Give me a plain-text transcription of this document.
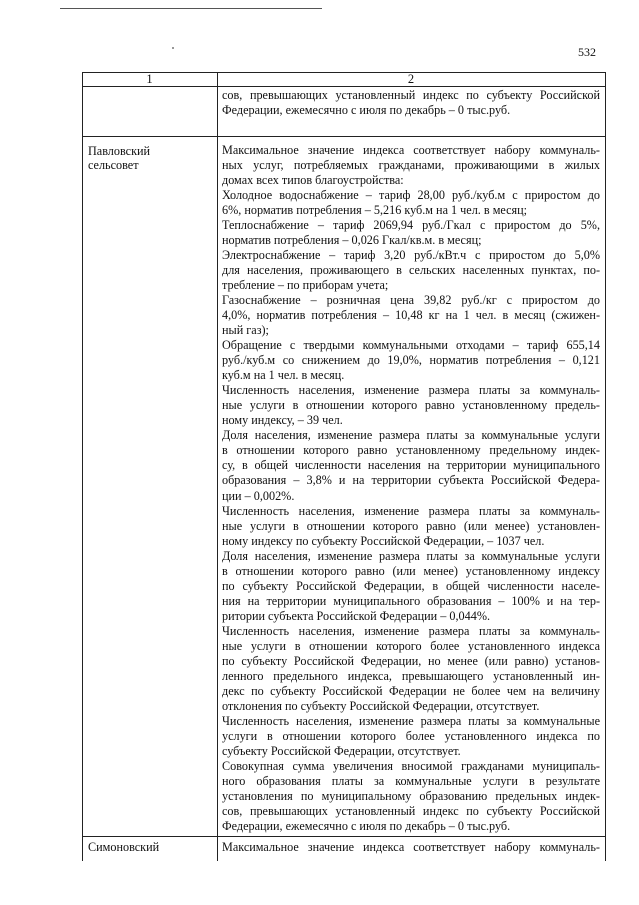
532
1	2
сов, превышающих установленный индекс по субъекту Российской
Федерации, ежемесячно с июля по декабрь – 0 тыс.руб.
Павловский
сельсовет
Максимальное значение индекса соответствует набору коммуналь-
ных услуг, потребляемых гражданами, проживающими в жилых
домах всех типов благоустройства:
Холодное водоснабжение – тариф 28,00 руб./куб.м с приростом до
6%, норматив потребления – 5,216 куб.м на 1 чел. в месяц;
Теплоснабжение – тариф 2069,94 руб./Гкал с приростом до 5%,
норматив потребления – 0,026 Гкал/кв.м. в месяц;
Электроснабжение – тариф 3,20 руб./кВт.ч с приростом до 5,0%
для населения, проживающего в сельских населенных пунктах, по-
требление – по приборам учета;
Газоснабжение – розничная цена 39,82 руб./кг с приростом до
4,0%, норматив потребления – 10,48 кг на 1 чел. в месяц (сжижен-
ный газ);
Обращение с твердыми коммунальными отходами – тариф 655,14
руб./куб.м со снижением до 19,0%, норматив потребления – 0,121
куб.м на 1 чел. в месяц.
Численность населения, изменение размера платы за коммуналь-
ные услуги в отношении которого равно установленному предель-
ному индексу, – 39 чел.
Доля населения, изменение размера платы за коммунальные услуги
в отношении которого равно установленному предельному индек-
су, в общей численности населения на территории муниципального
образования – 3,8% и на территории субъекта Российской Федера-
ции – 0,002%.
Численность населения, изменение размера платы за коммуналь-
ные услуги в отношении которого равно (или менее) установлен-
ному индексу по субъекту Российской Федерации, – 1037 чел.
Доля населения, изменение размера платы за коммунальные услуги
в отношении которого равно (или менее) установленному индексу
по субъекту Российской Федерации, в общей численности населе-
ния на территории муниципального образования – 100% и на тер-
ритории субъекта Российской Федерации – 0,044%.
Численность населения, изменение размера платы за коммуналь-
ные услуги в отношении которого более установленного индекса
по субъекту Российской Федерации, но менее (или равно) установ-
ленного предельного индекса, превышающего установленный ин-
декс по субъекту Российской Федерации не более чем на величину
отклонения по субъекту Российской Федерации, отсутствует.
Численность населения, изменение размера платы за коммунальные
услуги в отношении которого более установленного индекса по
субъекту Российской Федерации, отсутствует.
Совокупная сумма увеличения вносимой гражданами муниципаль-
ного образования платы за коммунальные услуги в результате
установления по муниципальному образованию предельных индек-
сов, превышающих установленный индекс по субъекту Российской
Федерации, ежемесячно с июля по декабрь – 0 тыс.руб.
Симоновский	Максимальное значение индекса соответствует набору коммуналь-
